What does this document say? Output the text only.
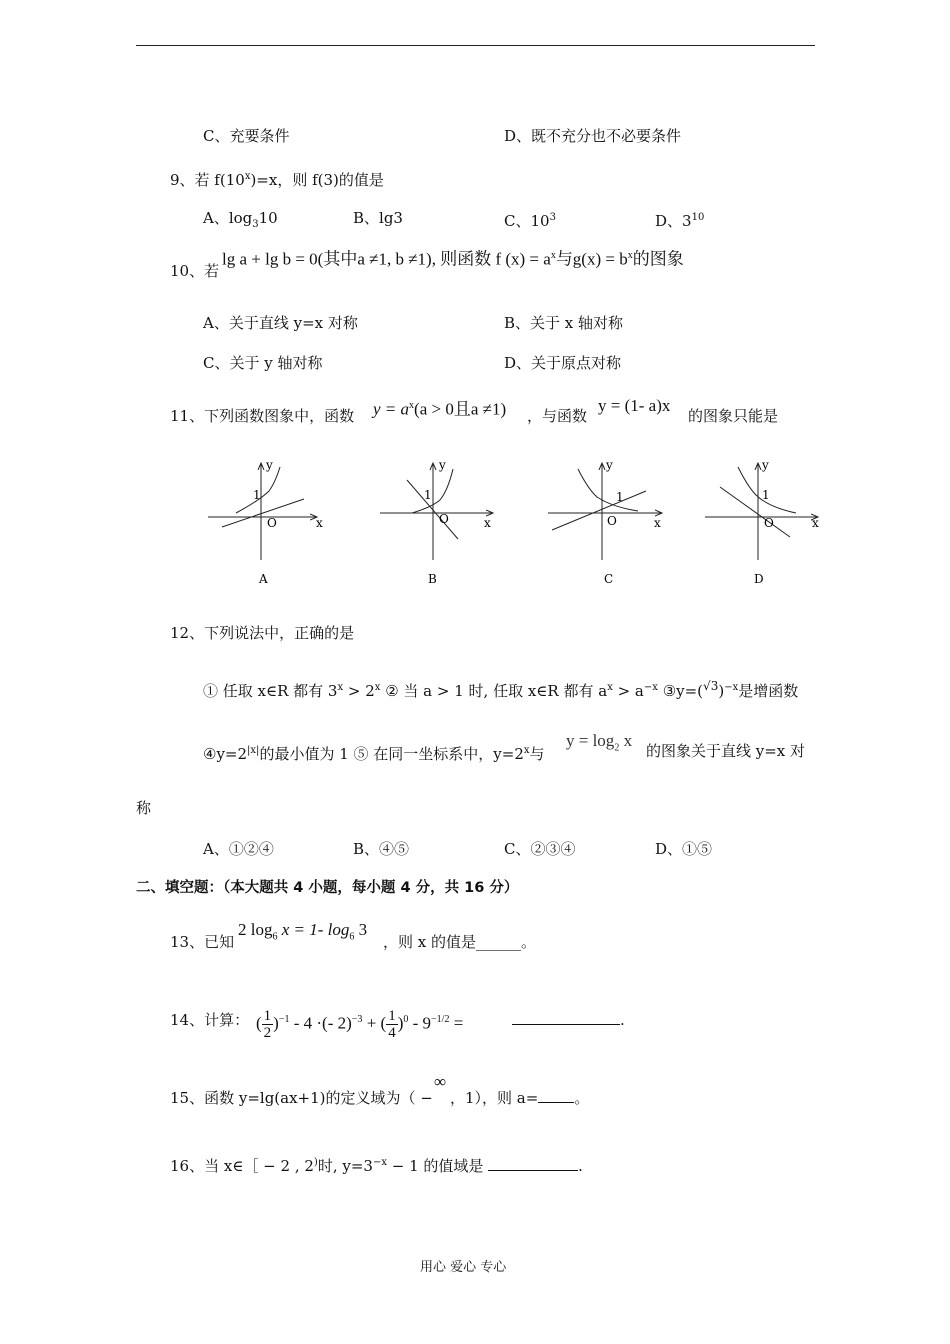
C、充要条件	D、既不充分也不必要条件
9、若 $f(10^x)=x$，则 f(3)的值是
A、$\log_310$	B、lg3	C、$10^3$	D、$3^{10}$
10、若
lg a + lg b = 0(其中a ≠1, b ≠1), 则函数 f $(x) = a^x$与$g(x) = b^x$的图象
A、关于直线 y=x 对称	B、关于 x 轴对称
C、关于 y 轴对称	D、关于原点对称
11、下列函数图象中，函数 $y = a^x(a > 0$且a ≠1) ，与函数
y = (1- a)x
的图象只能是
y
x
O
1
A
y
x
O
1
B
y
x
O
1
C
y
x
O
1
D
12、下列说法中，正确的是
① 任取 x∈R 都有 $3^x > 2^x$ ② 当 a > 1 时, 任取 x∈R 都有 $a^x > a^{-x}$ $③y=(^{√3})^{-x}$是增函数
$④y=2^{|x|}$的最小值为 1 ⑤ 在同一坐标系中，$y=2^x$与
$y = \log_2 x$
的图象关于直线 y=x 对
称
A、①②④	B、④⑤	C、②③④	D、①⑤
二、填空题：（本大题共 4 小题，每小题 4 分，共 16 分）
13、已知
2 $\log_6 x = 1-$ $\log_6 3$
，则 x 的值是______。
14、计算： ( $\frac{1}{2} )^{-1} - 4$ ·(- 2)$^{-3}$ + ( $\frac{1}{4} )^0 - 9^{-1/2}$ =	.
15、函数 y=lg(ax+1)的定义域为（ −
∞
，1），则 a= 。
16、当 x∈［ − 2 , 2)时, $y=3^{-x} - 1$ 的值域是	.
用心 爱心 专心
